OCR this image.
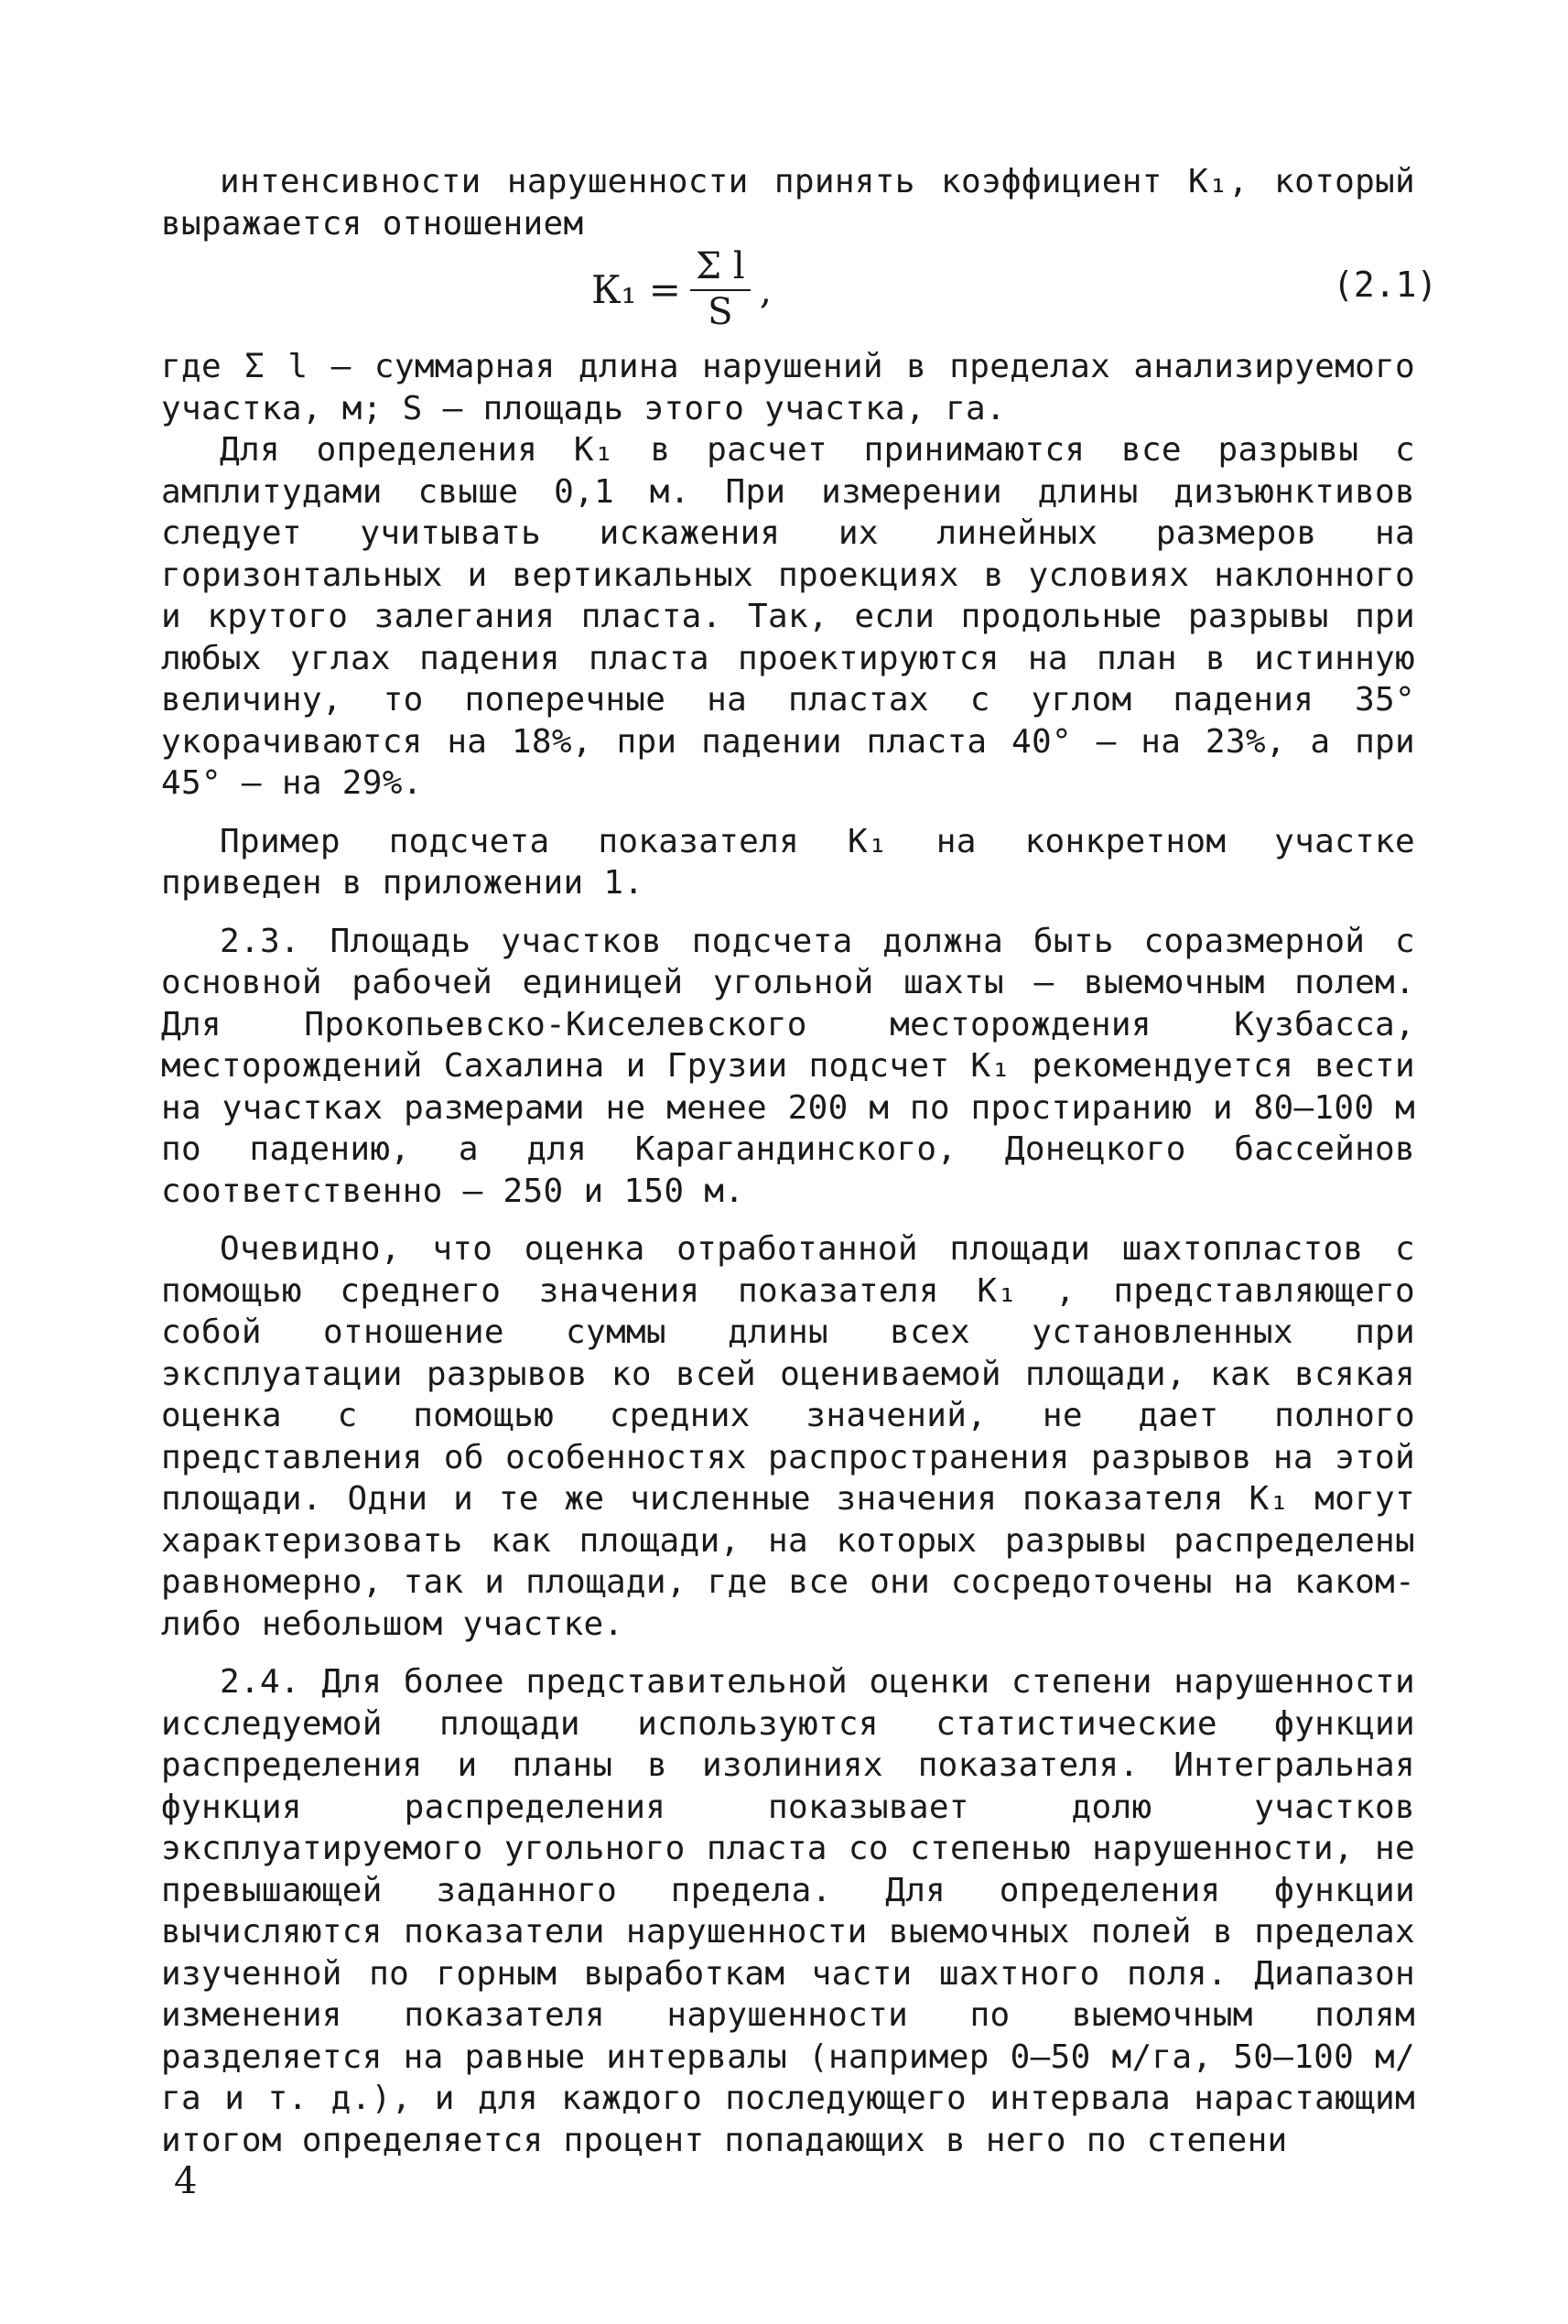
интенсивности нарушенности принять коэффициент К₁, который выражается отношением

$К_1 = \frac{\text{Σ l}}{S}$ ,	(2.1)

где Σ l – суммарная длина нарушений в пределах анализируемого участка, м; S – площадь этого участка, га.

Для определения К₁ в расчет принимаются все разрывы с амплитудами свыше 0,1 м. При измерении длины дизъюнктивов следует учитывать искажения их линейных размеров на горизонтальных и вертикальных проекциях в условиях наклонного и крутого залегания пласта. Так, если продольные разрывы при любых углах падения пласта проектируются на план в истинную величину, то поперечные на пластах с углом падения 35° укорачиваются на 18%, при падении пласта 40° – на 23%, а при 45° – на 29%.

Пример подсчета показателя К₁ на конкретном участке приведен в приложении 1.

2.3. Площадь участков подсчета должна быть соразмерной с основной рабочей единицей угольной шахты – выемочным полем. Для Прокопьевско-Киселевского месторождения Кузбасса, месторождений Сахалина и Грузии подсчет К₁ рекомендуется вести на участках размерами не менее 200 м по простиранию и 80–100 м по падению, а для Карагандинского, Донецкого бассейнов соответственно – 250 и 150 м.

Очевидно, что оценка отработанной площади шахтопластов с помощью среднего значения показателя К₁ , представляющего собой отношение суммы длины всех установленных при эксплуатации разрывов ко всей оцениваемой площади, как всякая оценка с помощью средних значений, не дает полного представления об особенностях распространения разрывов на этой площади. Одни и те же численные значения показателя К₁ могут характеризовать как площади, на которых разрывы распределены равномерно, так и площади, где все они сосредоточены на каком-либо небольшом участке.

2.4. Для более представительной оценки степени нарушенности исследуемой площади используются статистические функции распределения и планы в изолиниях показателя. Интегральная функция распределения показывает долю участков эксплуатируемого угольного пласта со степенью нарушенности, не превышающей заданного предела. Для определения функции вычисляются показатели нарушенности выемочных полей в пределах изученной по горным выработкам части шахтного поля. Диапазон изменения показателя нарушенности по выемочным полям разделяется на равные интервалы (например 0–50 м/га, 50–100 м/га и т. д.), и для каждого последующего интервала нарастающим итогом определяется процент попадающих в него по степени

4
